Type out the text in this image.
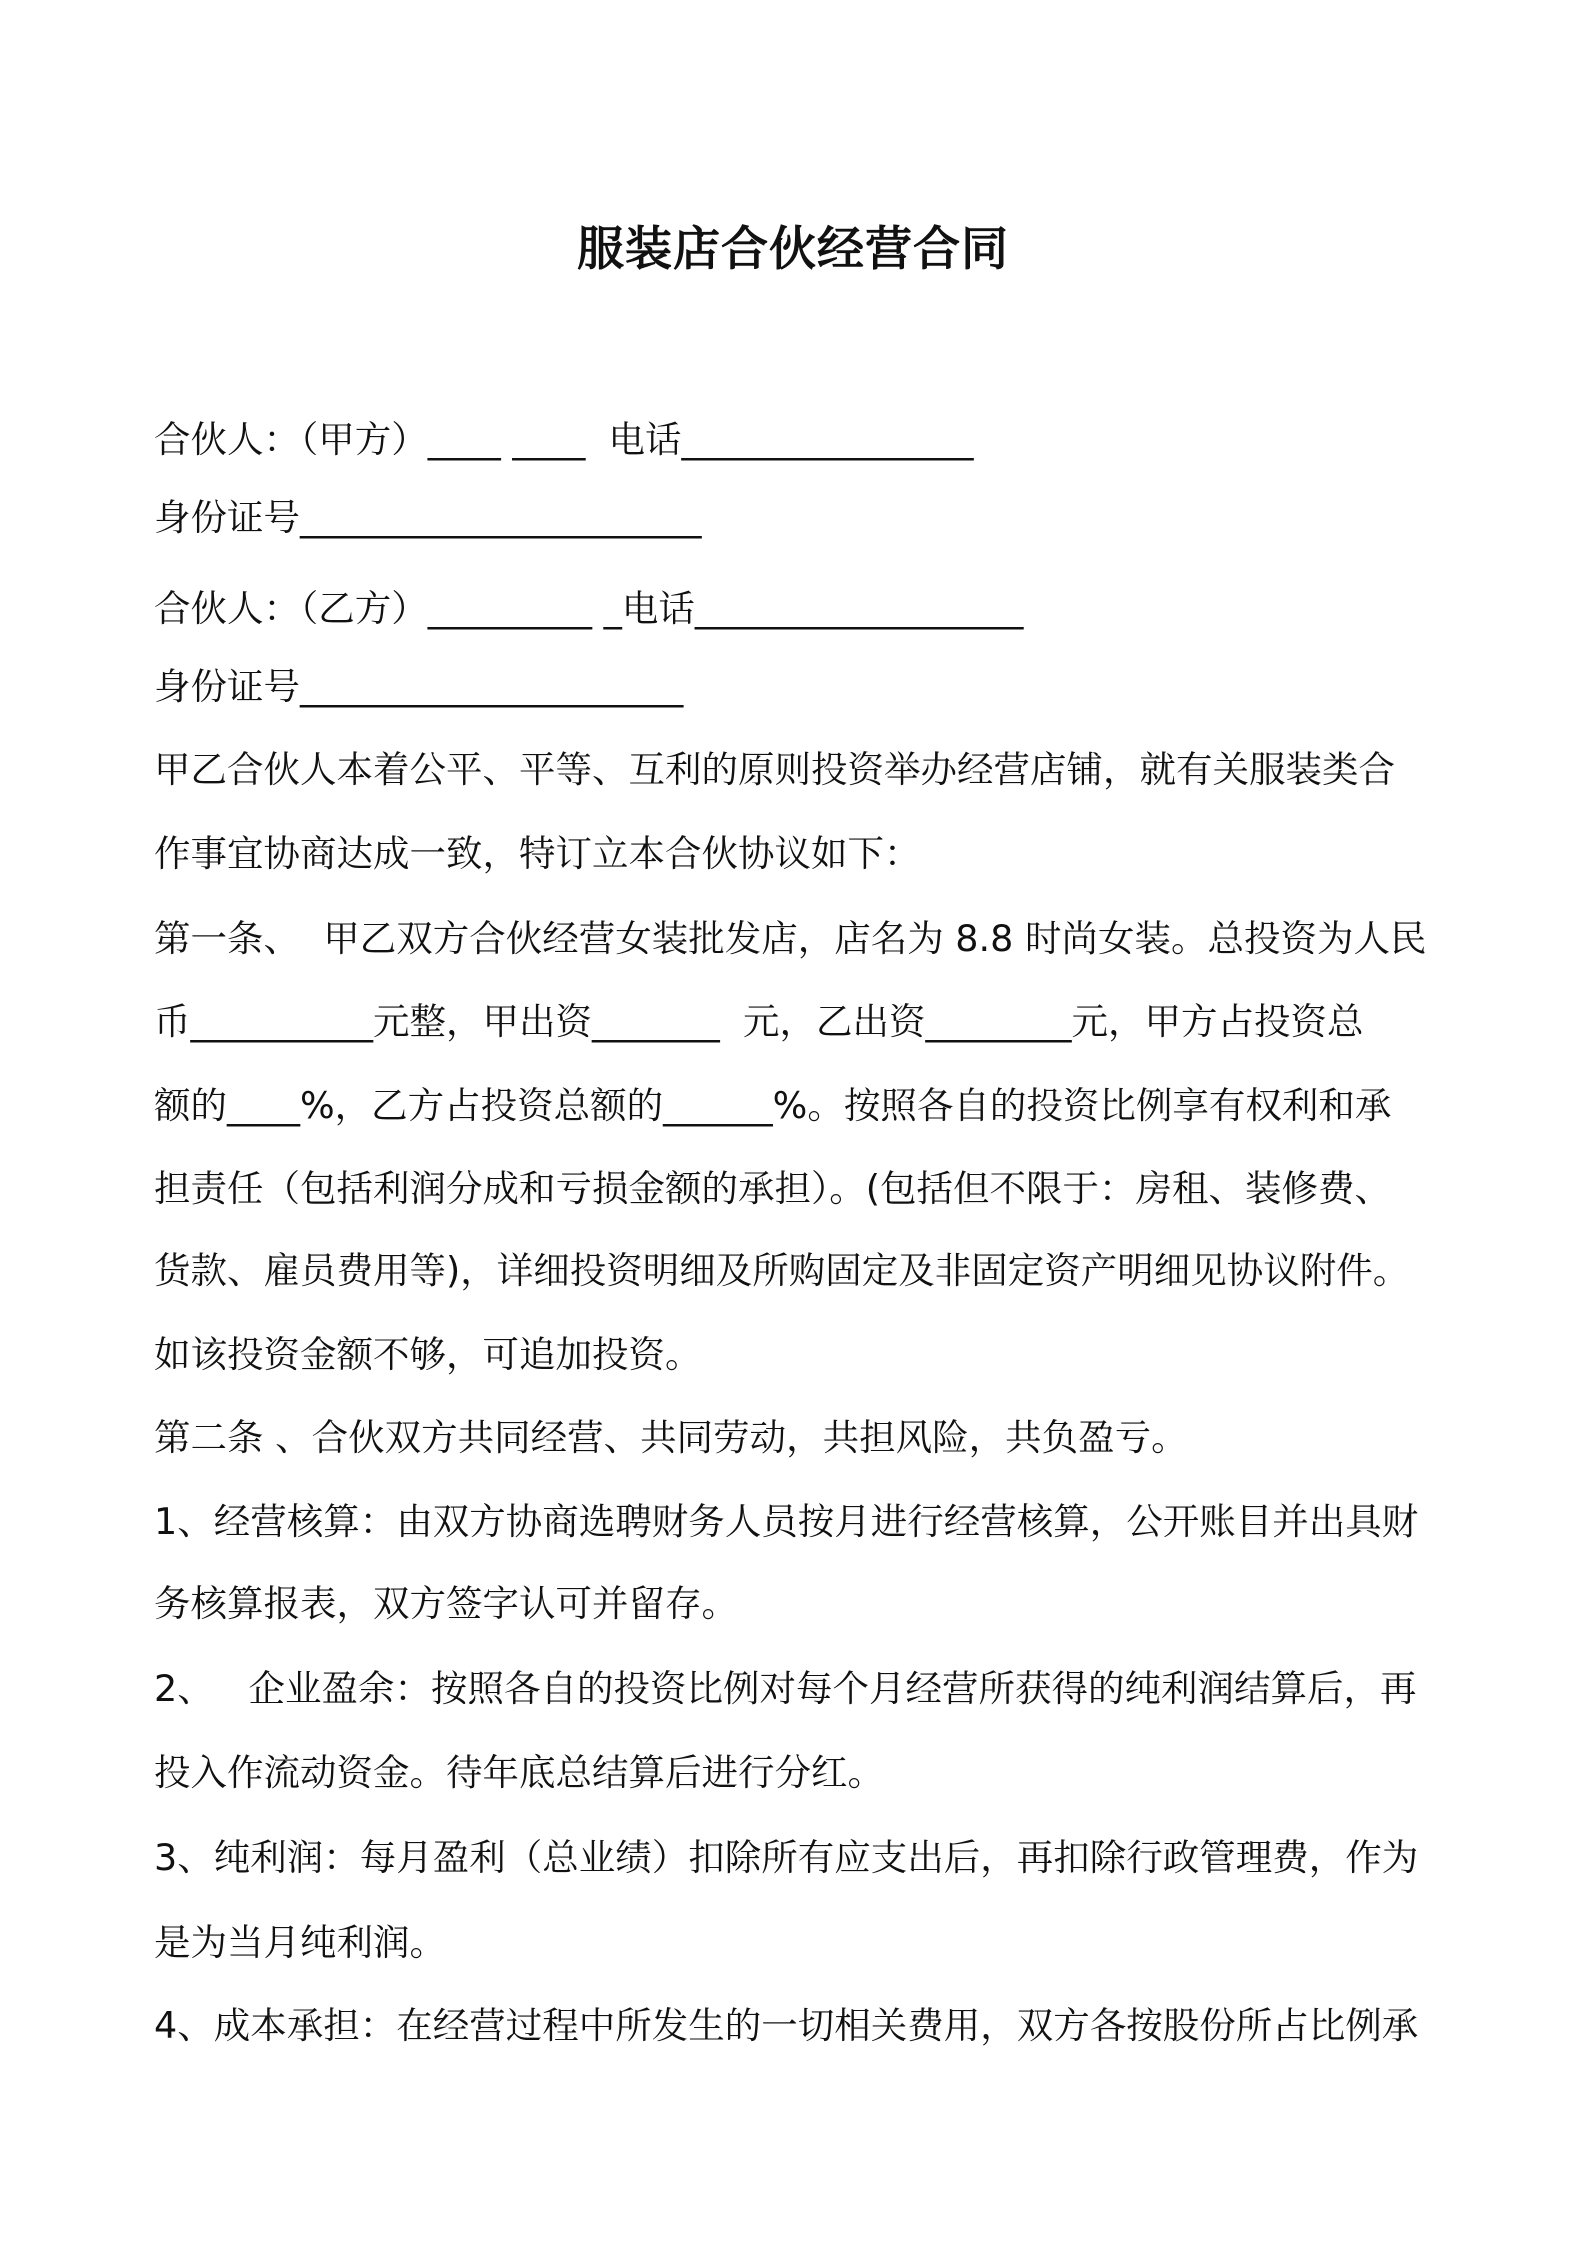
服装店合伙经营合同
合伙人：（甲方）____ ____  电话________________
身份证号______________________
合伙人：（乙方）_________ _电话__________________
身份证号_____________________
甲乙合伙人本着公平、平等、互利的原则投资举办经营店铺，就有关服装类合
作事宜协商达成一致，特订立本合伙协议如下：
第一条、  甲乙双方合伙经营女装批发店，店名为 8.8 时尚女装。总投资为人民
币__________元整，甲出资_______  元，乙出资________元，甲方占投资总
额的____%，乙方占投资总额的______%。按照各自的投资比例享有权利和承
担责任（包括利润分成和亏损金额的承担）。(包括但不限于：房租、装修费、
货款、雇员费用等)，详细投资明细及所购固定及非固定资产明细见协议附件。
如该投资金额不够，可追加投资。
第二条 、合伙双方共同经营、共同劳动，共担风险，共负盈亏。
1、经营核算：由双方协商选聘财务人员按月进行经营核算，公开账目并出具财
务核算报表，双方签字认可并留存。
2、   企业盈余：按照各自的投资比例对每个月经营所获得的纯利润结算后，再
投入作流动资金。待年底总结算后进行分红。
3、纯利润：每月盈利（总业绩）扣除所有应支出后，再扣除行政管理费，作为
是为当月纯利润。
4、成本承担：在经营过程中所发生的一切相关费用，双方各按股份所占比例承
